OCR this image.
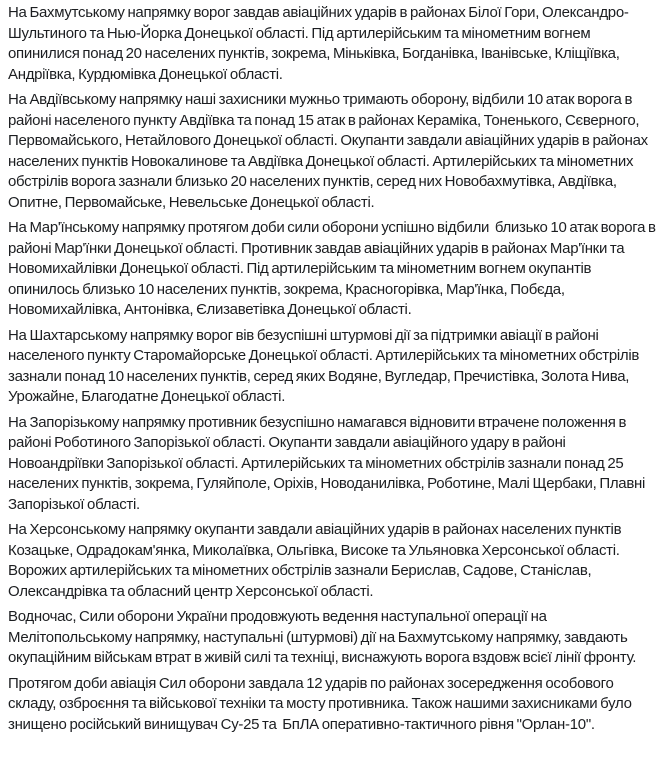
На Бахмутському напрямку ворог завдав авіаційних ударів в районах Білої Гори, Олександро-Шультиного та Нью-Йорка Донецької області. Під артилерійським та мінометним вогнем опинилися понад 20 населених пунктів, зокрема, Міньківка, Богданівка, Іванівське, Кліщіївка, Андріївка, Курдюмівка Донецької області.

На Авдіївському напрямку наші захисники мужньо тримають оборону, відбили 10 атак ворога в районі населеного пункту Авдіївка та понад 15 атак в районах Кераміка, Тоненького, Сєверного, Первомайського, Нетайлового Донецької області. Окупанти завдали авіаційних ударів в районах населених пунктів Новокалинове та Авдіївка Донецької області. Артилерійських та мінометних обстрілів ворога зазнали близько 20 населених пунктів, серед них Новобахмутівка, Авдіївка, Опитне, Первомайське, Невельське Донецької області.

На Мар'їнському напрямку протягом доби сили оборони успішно відбили  близько 10 атак ворога в районі Мар'їнки Донецької області. Противник завдав авіаційних ударів в районах Мар'їнки та Новомихайлівки Донецької області. Під артилерійським та мінометним вогнем окупантів опинилось близько 10 населених пунктів, зокрема, Красногорівка, Мар'їнка, Побєда, Новомихайлівка, Антонівка, Єлизаветівка Донецької області.

На Шахтарському напрямку ворог вів безуспішні штурмові дії за підтримки авіації в районі населеного пункту Старомайорське Донецької області. Артилерійських та мінометних обстрілів зазнали понад 10 населених пунктів, серед яких Водяне, Вугледар, Пречистівка, Золота Нива, Урожайне, Благодатне Донецької області.

На Запорізькому напрямку противник безуспішно намагався відновити втрачене положення в районі Роботиного Запорізької області. Окупанти завдали авіаційного удару в районі Новоандріївки Запорізької області. Артилерійських та мінометних обстрілів зазнали понад 25 населених пунктів, зокрема, Гуляйполе, Оріхів, Новоданилівка, Роботине, Малі Щербаки, Плавні Запорізької області.

На Херсонському напрямку окупанти завдали авіаційних ударів в районах населених пунктів Козацьке, Одрадокам'янка, Миколаївка, Ольгівка, Високе та Ульяновка Херсонської області. Ворожих артилерійських та мінометних обстрілів зазнали Берислав, Садове, Станіслав, Олександрівка та обласний центр Херсонської області.

Водночас, Сили оборони України продовжують ведення наступальної операції на Мелітопольському напрямку, наступальні (штурмові) дії на Бахмутському напрямку, завдають окупаційним військам втрат в живій силі та техніці, виснажують ворога вздовж всієї лінії фронту.

Протягом доби авіація Сил оборони завдала 12 ударів по районах зосередження особового складу, озброєння та військової техніки та мосту противника. Також нашими захисниками було знищено російський винищувач Су-25 та  БпЛА оперативно-тактичного рівня "Орлан-10".
